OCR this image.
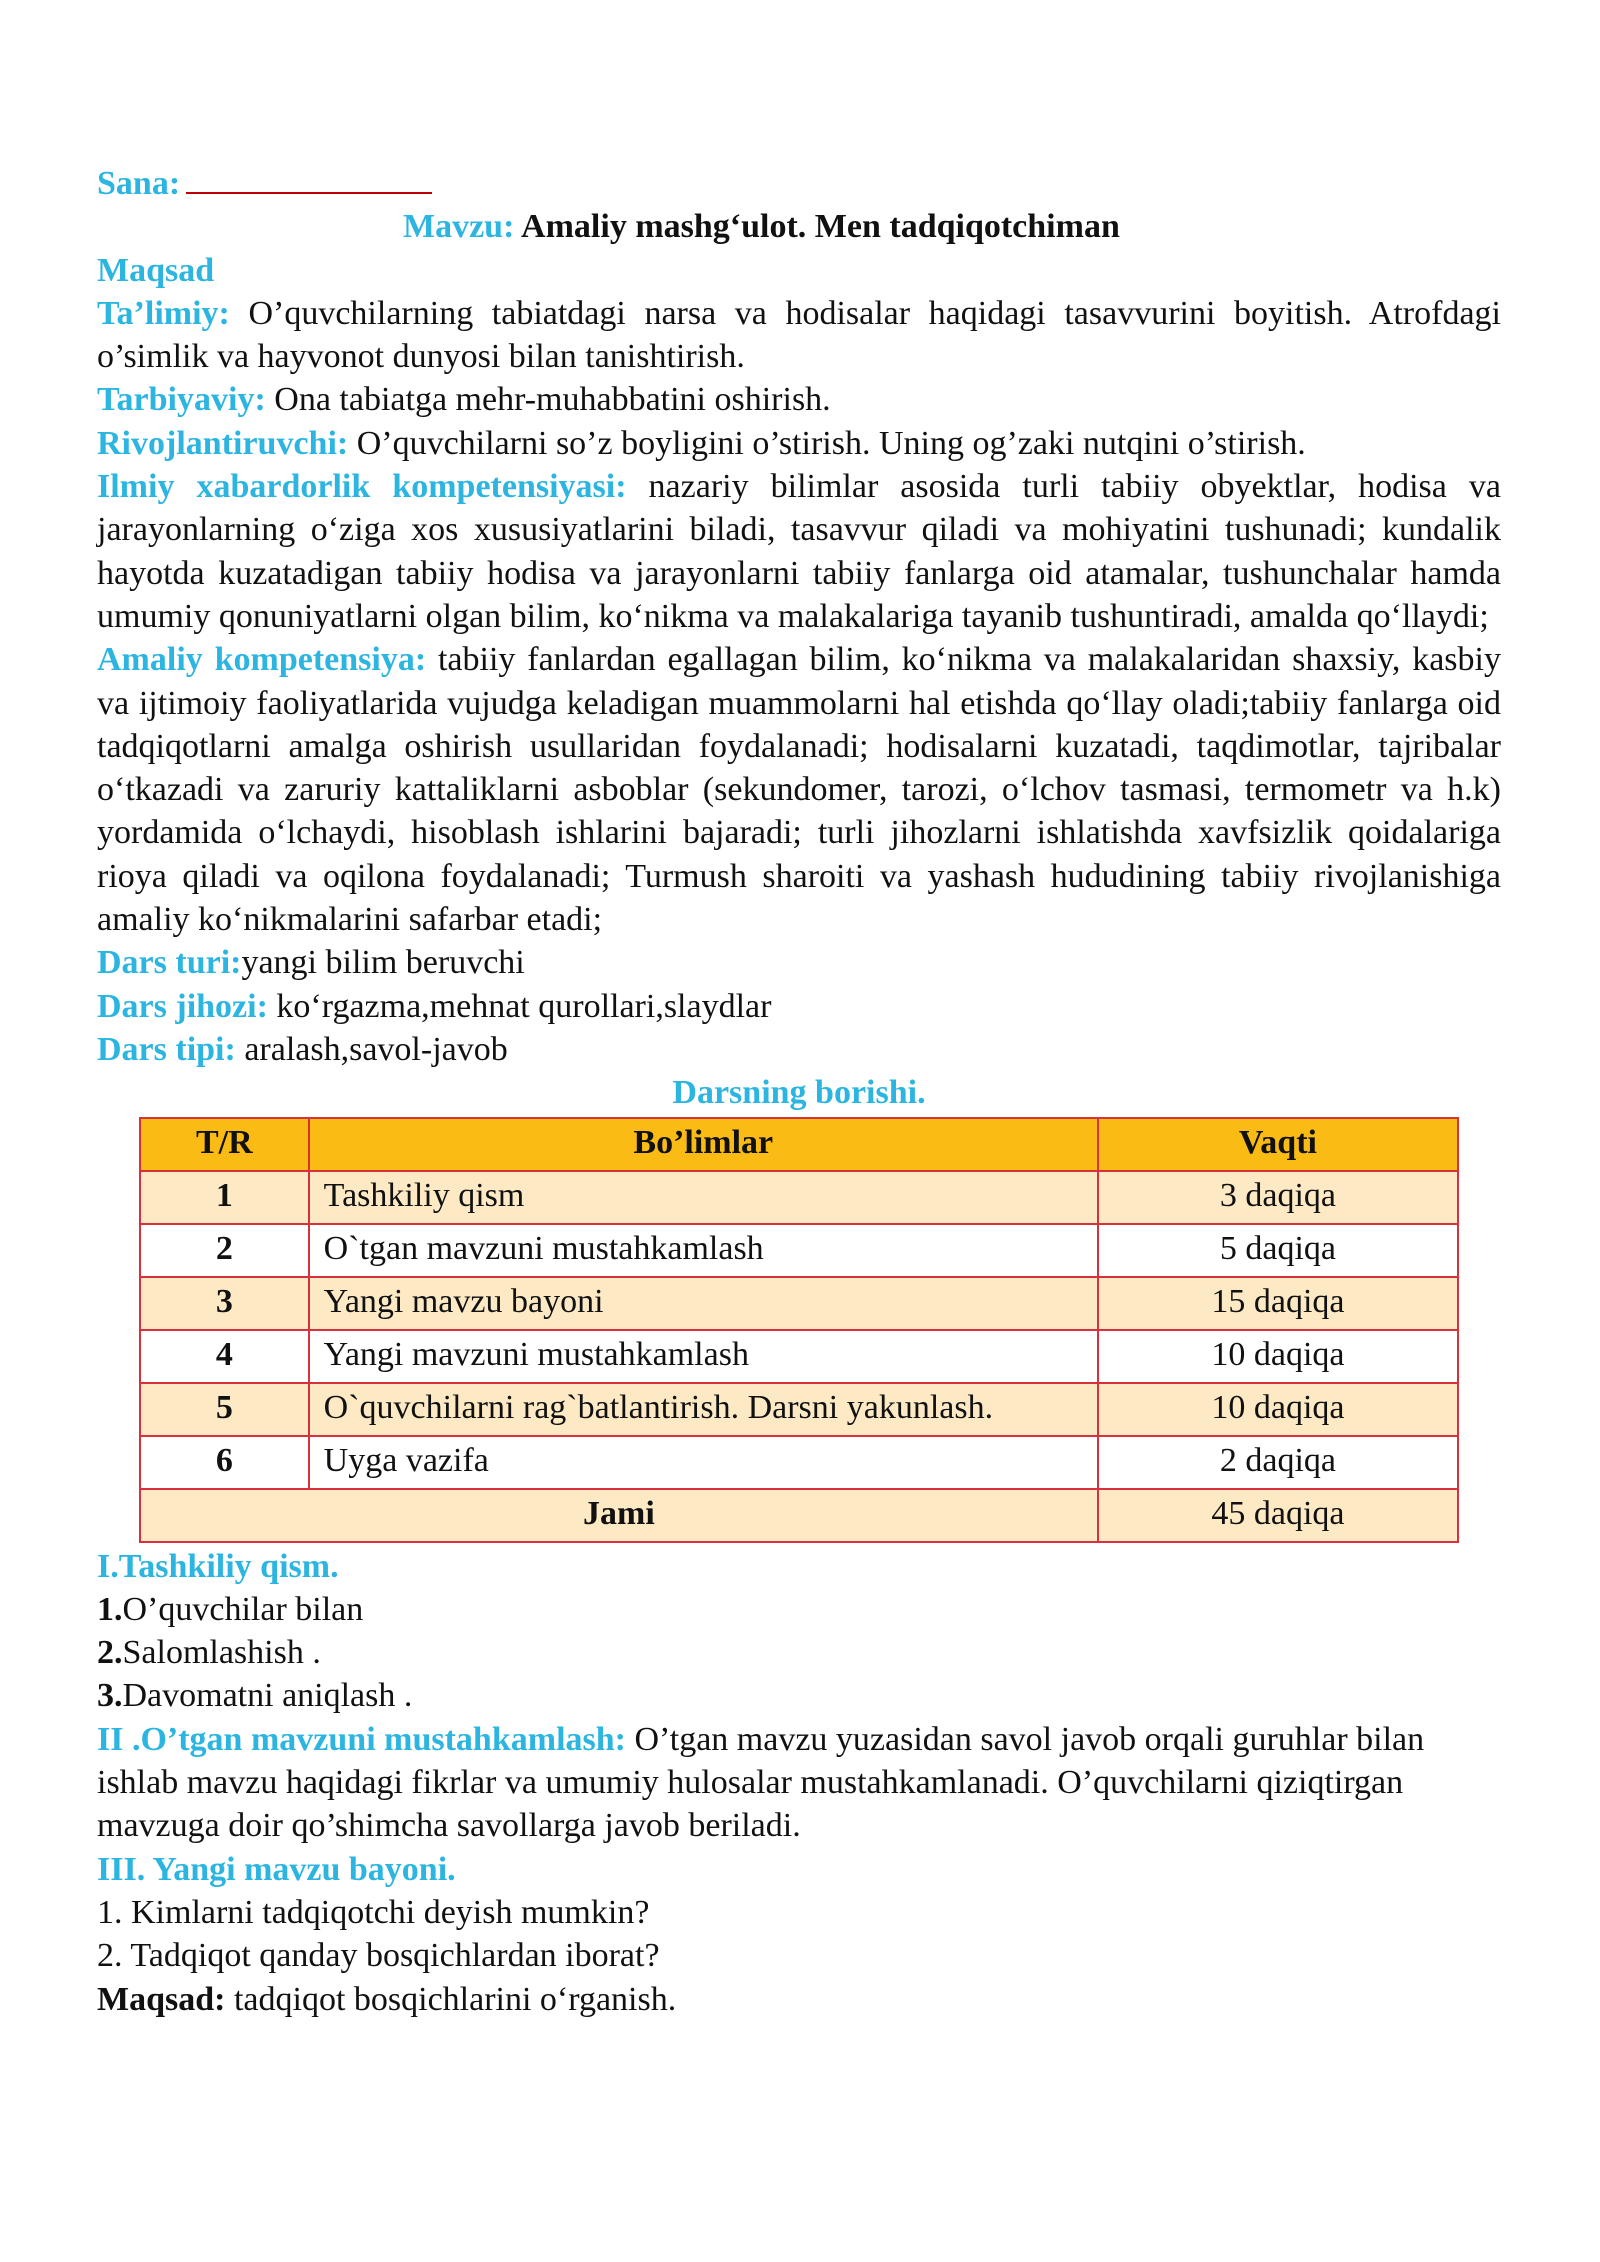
Sana:
Mavzu: Amaliy mashg‘ulot. Men tadqiqotchiman
Maqsad
Ta’limiy: O’quvchilarning tabiatdagi narsa va hodisalar haqidagi tasavvurini boyitish. Atrofdagi o’simlik va hayvonot dunyosi bilan tanishtirish.
Tarbiyaviy: Ona tabiatga mehr-muhabbatini oshirish.
Rivojlantiruvchi: O’quvchilarni so’z boyligini o’stirish. Uning og’zaki nutqini o’stirish.
Ilmiy xabardorlik kompetensiyasi: nazariy bilimlar asosida turli tabiiy obyektlar, hodisa va jarayonlarning o‘ziga xos xususiyatlarini biladi, tasavvur qiladi va mohiyatini tushunadi; kundalik hayotda kuzatadigan tabiiy hodisa va jarayonlarni tabiiy fanlarga oid atamalar, tushunchalar hamda umumiy qonuniyatlarni olgan bilim, ko‘nikma va malakalariga tayanib tushuntiradi, amalda qo‘llaydi;
Amaliy kompetensiya: tabiiy fanlardan egallagan bilim, ko‘nikma va malakalaridan shaxsiy, kasbiy va ijtimoiy faoliyatlarida vujudga keladigan muammolarni hal etishda qo‘llay oladi;tabiiy fanlarga oid tadqiqotlarni amalga oshirish usullaridan foydalanadi; hodisalarni kuzatadi, taqdimotlar, tajribalar o‘tkazadi va zaruriy kattaliklarni asboblar (sekundomer, tarozi, o‘lchov tasmasi, termometr va h.k) yordamida o‘lchaydi, hisoblash ishlarini bajaradi; turli jihozlarni ishlatishda xavfsizlik qoidalariga rioya qiladi va oqilona foydalanadi; Turmush sharoiti va yashash hududining tabiiy rivojlanishiga amaliy ko‘nikmalarini safarbar etadi;
Dars turi:yangi bilim beruvchi
Dars jihozi: ko‘rgazma,mehnat qurollari,slaydlar
Dars tipi: aralash,savol-javob
Darsning borishi.
T/R	Bo’limlar	Vaqti
1	Tashkiliy qism	3 daqiqa
2	O`tgan mavzuni mustahkamlash	5 daqiqa
3	Yangi mavzu bayoni	15 daqiqa
4	Yangi mavzuni mustahkamlash	10 daqiqa
5	O`quvchilarni rag`batlantirish. Darsni yakunlash.	10 daqiqa
6	Uyga vazifa	2 daqiqa
Jami		45 daqiqa
I.Tashkiliy qism.
1.O’quvchilar bilan
2.Salomlashish .
3.Davomatni aniqlash .
II .O’tgan mavzuni mustahkamlash: O’tgan mavzu yuzasidan savol javob orqali guruhlar bilan ishlab mavzu haqidagi fikrlar va umumiy hulosalar mustahkamlanadi. O’quvchilarni qiziqtirgan mavzuga doir qo’shimcha savollarga javob beriladi.
III. Yangi mavzu bayoni.
1. Kimlarni tadqiqotchi deyish mumkin?
2. Tadqiqot qanday bosqichlardan iborat?
Maqsad: tadqiqot bosqichlarini o‘rganish.
